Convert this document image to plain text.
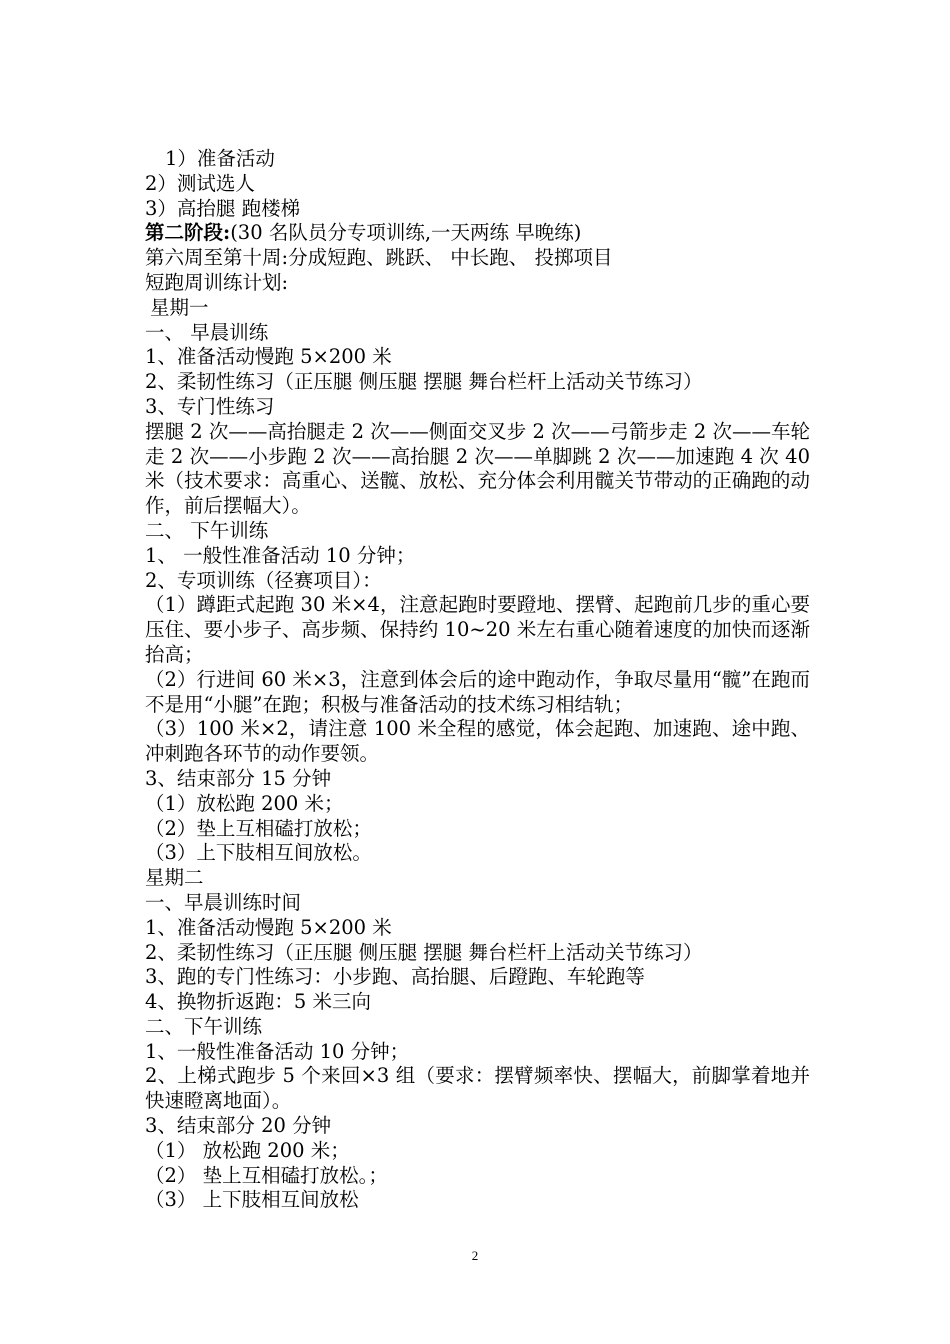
1）准备活动

2）测试选人

3）高抬腿 跑楼梯

第二阶段:(30 名队员分专项训练,一天两练 早晚练)

第六周至第十周:分成短跑、跳跃、 中长跑、 投掷项目

短跑周训练计划:

星期一

一、 早晨训练

1、准备活动慢跑 5×200 米

2、柔韧性练习（正压腿 侧压腿 摆腿 舞台栏杆上活动关节练习）

3、专门性练习

摆腿 2 次——高抬腿走 2 次——侧面交叉步 2 次——弓箭步走 2 次——车轮走 2 次——小步跑 2 次——高抬腿 2 次——单脚跳 2 次——加速跑 4 次 40 米（技术要求：高重心、送髋、放松、充分体会利用髋关节带动的正确跑的动作，前后摆幅大）。

二、 下午训练

1、 一般性准备活动 10 分钟；

2、专项训练（径赛项目）：

（1）蹲距式起跑 30 米×4，注意起跑时要蹬地、摆臂、起跑前几步的重心要压住、要小步子、高步频、保持约 10~20 米左右重心随着速度的加快而逐渐抬高；

（2）行进间 60 米×3，注意到体会后的途中跑动作，争取尽量用“髋”在跑而不是用“小腿”在跑；积极与准备活动的技术练习相结轨；

（3）100 米×2，请注意 100 米全程的感觉，体会起跑、加速跑、途中跑、冲刺跑各环节的动作要领。

3、结束部分 15 分钟

（1）放松跑 200 米；

（2）垫上互相磕打放松；

（3）上下肢相互间放松。

星期二

一、早晨训练时间

1、准备活动慢跑 5×200 米

2、柔韧性练习（正压腿 侧压腿 摆腿 舞台栏杆上活动关节练习）

3、跑的专门性练习：小步跑、高抬腿、后蹬跑、车轮跑等

4、换物折返跑：5 米三向

二、下午训练

1、一般性准备活动 10 分钟；

2、上梯式跑步 5 个来回×3 组（要求：摆臂频率快、摆幅大，前脚掌着地并快速瞪离地面）。

3、结束部分 20 分钟

（1） 放松跑 200 米；

（2） 垫上互相磕打放松。；

（3） 上下肢相互间放松

2
